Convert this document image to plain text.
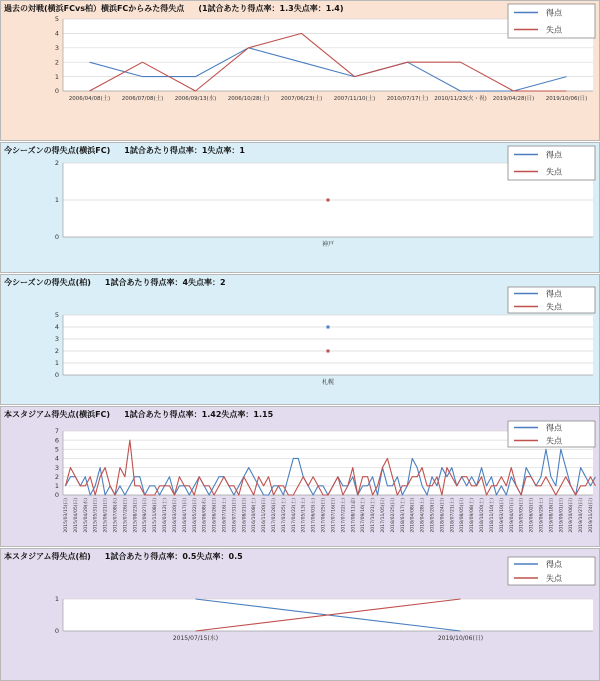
過去の対戦(横浜FCvs柏）横浜FCからみた得失点 (1試合あたり得点率：1.3失点率：1.4)
0
1
2
3
4
5
2006/04/08(土) 2006/07/08(土) 2006/09/13(水) 2006/10/28(土) 2007/06/23(土) 2007/11/10(土) 2010/07/17(土) 2010/11/23(火・祝) 2019/04/28(日) 2019/10/06(日)
得点
失点
今シーズンの得失点(横浜FC) 1試合あたり得点率：1失点率：1
0
1
2
神戸
得点
失点
今シーズンの得失点(柏) 1試合あたり得点率：4失点率：2
0
1
2
3
4
5
札幌
得点
失点
本スタジアム得失点(横浜FC) 1試合あたり得点率：1.42失点率：1.15
0
1
2
3
4
5
6
7
2015/03/15(日)	2015/04/05(日)	2015/04/29(水)	2015/05/31(日)	2015/06/21(日)	2015/07/08(水)	2015/07/26(日)	2015/08/23(日)	2015/09/27(日)	2015/11/08(日)	2016/03/12(土)	2016/03/20(日)	2016/04/17(日)	2016/05/22(日)	2016/06/08(水)	2016/06/26(日)	2016/07/16(土)	2016/07/31(日)	2016/08/21(日)	2016/10/08(土)	2016/11/20(日)	2017/02/26(日)	2017/03/25(土)	2017/04/22(土)	2017/05/13(土)	2017/06/03(土)	2017/06/25(日)	2017/07/16(日)	2017/07/22(土)	2017/08/11(金)	2017/09/16(土)	2017/10/21(土)	2017/11/05(日)	2018/02/25(日)	2018/03/17(土)	2018/04/08(日)	2018/04/28(土)	2018/05/20(日)	2018/06/24(日)	2018/07/21(土)	2018/08/05(日)	2018/09/08(土)	2018/10/20(土)	2018/11/10(土)	2019/03/10(日)	2019/04/07(日)	2019/05/05(日)	2019/06/02(日)	2019/06/29(土)	2019/08/18(日)	2019/09/01(日)	2019/10/06(日)	2019/10/27(日)	2019/11/24(日)
得点
失点
本スタジアム得失点(柏) 1試合あたり得点率：0.5失点率：0.5
0
1
2015/07/15(水)	2019/10/06(日)
得点
失点
